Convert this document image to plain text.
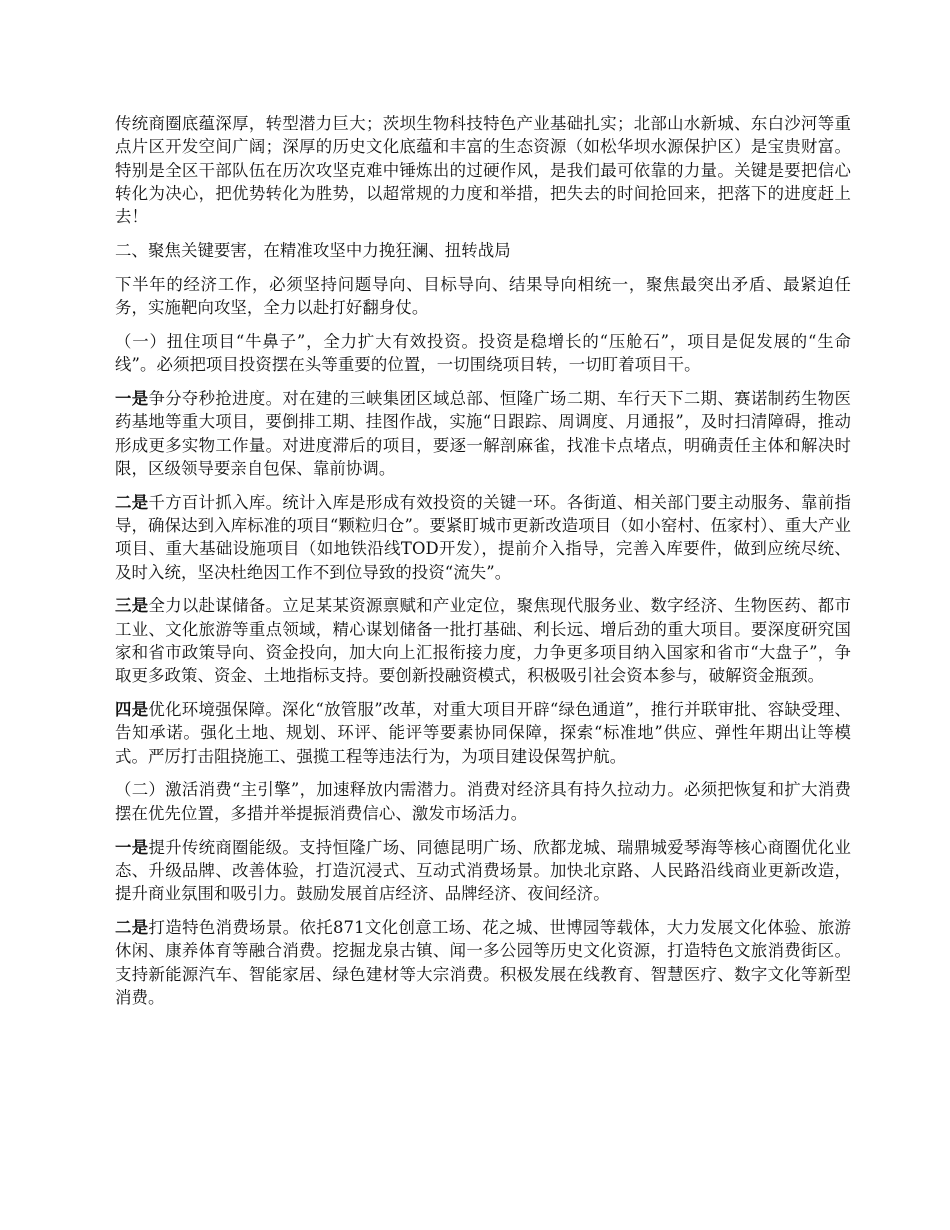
传统商圈底蕴深厚，转型潜力巨大；茨坝生物科技特色产业基础扎实；北部山水新城、东白沙河等重点片区开发空间广阔；深厚的历史文化底蕴和丰富的生态资源（如松华坝水源保护区）是宝贵财富。特别是全区干部队伍在历次攻坚克难中锤炼出的过硬作风，是我们最可依靠的力量。关键是要把信心转化为决心，把优势转化为胜势，以超常规的力度和举措，把失去的时间抢回来，把落下的进度赶上去！

二、聚焦关键要害，在精准攻坚中力挽狂澜、扭转战局

下半年的经济工作，必须坚持问题导向、目标导向、结果导向相统一，聚焦最突出矛盾、最紧迫任务，实施靶向攻坚，全力以赴打好翻身仗。

（一）扭住项目“牛鼻子”，全力扩大有效投资。投资是稳增长的“压舱石”，项目是促发展的“生命线”。必须把项目投资摆在头等重要的位置，一切围绕项目转，一切盯着项目干。

一是争分夺秒抢进度。对在建的三峡集团区域总部、恒隆广场二期、车行天下二期、赛诺制药生物医药基地等重大项目，要倒排工期、挂图作战，实施“日跟踪、周调度、月通报”，及时扫清障碍，推动形成更多实物工作量。对进度滞后的项目，要逐一解剖麻雀，找准卡点堵点，明确责任主体和解决时限，区级领导要亲自包保、靠前协调。

二是千方百计抓入库。统计入库是形成有效投资的关键一环。各街道、相关部门要主动服务、靠前指导，确保达到入库标准的项目“颗粒归仓”。要紧盯城市更新改造项目（如小窑村、伍家村）、重大产业项目、重大基础设施项目（如地铁沿线TOD开发），提前介入指导，完善入库要件，做到应统尽统、及时入统，坚决杜绝因工作不到位导致的投资“流失”。

三是全力以赴谋储备。立足某某资源禀赋和产业定位，聚焦现代服务业、数字经济、生物医药、都市工业、文化旅游等重点领域，精心谋划储备一批打基础、利长远、增后劲的重大项目。要深度研究国家和省市政策导向、资金投向，加大向上汇报衔接力度，力争更多项目纳入国家和省市“大盘子”，争取更多政策、资金、土地指标支持。要创新投融资模式，积极吸引社会资本参与，破解资金瓶颈。

四是优化环境强保障。深化“放管服”改革，对重大项目开辟“绿色通道”，推行并联审批、容缺受理、告知承诺。强化土地、规划、环评、能评等要素协同保障，探索“标准地”供应、弹性年期出让等模式。严厉打击阻挠施工、强揽工程等违法行为，为项目建设保驾护航。

（二）激活消费“主引擎”，加速释放内需潜力。消费对经济具有持久拉动力。必须把恢复和扩大消费摆在优先位置，多措并举提振消费信心、激发市场活力。

一是提升传统商圈能级。支持恒隆广场、同德昆明广场、欣都龙城、瑞鼎城爱琴海等核心商圈优化业态、升级品牌、改善体验，打造沉浸式、互动式消费场景。加快北京路、人民路沿线商业更新改造，提升商业氛围和吸引力。鼓励发展首店经济、品牌经济、夜间经济。

二是打造特色消费场景。依托871文化创意工场、花之城、世博园等载体，大力发展文化体验、旅游休闲、康养体育等融合消费。挖掘龙泉古镇、闻一多公园等历史文化资源，打造特色文旅消费街区。支持新能源汽车、智能家居、绿色建材等大宗消费。积极发展在线教育、智慧医疗、数字文化等新型消费。
